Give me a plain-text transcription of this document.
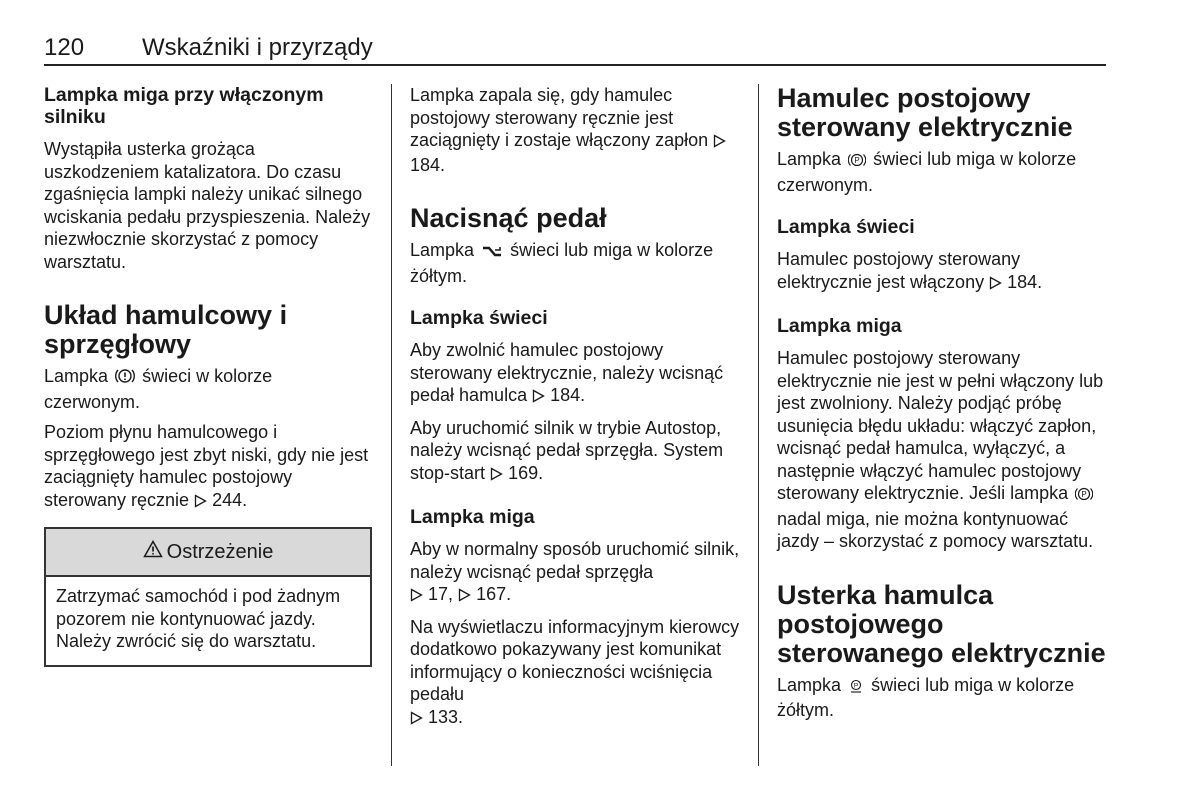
120 Wskaźniki i przyrządy
Lampka miga przy włączonym silniku
Wystąpiła usterka grożąca uszkodzeniem katalizatora. Do czasu zgaśnięcia lampki należy unikać silnego wciskania pedału przyspieszenia. Należy niezwłocznie skorzystać z pomocy warsztatu.
Układ hamulcowy i sprzęgłowy
Lampka świeci w kolorze czerwonym.
Poziom płynu hamulcowego i sprzęgłowego jest zbyt niski, gdy nie jest zaciągnięty hamulec postojowy sterowany ręcznie 244.
Ostrzeżenie
Zatrzymać samochód i pod żadnym pozorem nie kontynuować jazdy. Należy zwrócić się do warsztatu.
Lampka zapala się, gdy hamulec postojowy sterowany ręcznie jest zaciągnięty i zostaje włączony zapłon  184.
Nacisnąć pedał
Lampka świeci lub miga w kolorze żółtym.
Lampka świeci
Aby zwolnić hamulec postojowy sterowany elektrycznie, należy wcisnąć pedał hamulca 184.
Aby uruchomić silnik w trybie Autostop, należy wcisnąć pedał sprzęgła. System stop-start 169.
Lampka miga
Aby w normalny sposób uruchomić silnik, należy wcisnąć pedał sprzęgła
17, 167.
Na wyświetlaczu informacyjnym kierowcy dodatkowo pokazywany jest komunikat informujący o konieczności wciśnięcia pedału
133.
Hamulec postojowy sterowany elektrycznie
Lampka P świeci lub miga w kolorze czerwonym.
Lampka świeci
Hamulec postojowy sterowany elektrycznie jest włączony 184.
Lampka miga
Hamulec postojowy sterowany elektrycznie nie jest w pełni włączony lub jest zwolniony. Należy podjąć próbę usunięcia błędu układu: włączyć zapłon, wcisnąć pedał hamulca, wyłączyć, a następnie włączyć hamulec postojowy sterowany elektrycznie. Jeśli lampka P
nadal miga, nie można kontynuować jazdy – skorzystać z pomocy warsztatu.
Usterka hamulca postojowego sterowanego elektrycznie
Lampka P świeci lub miga w kolorze żółtym.
